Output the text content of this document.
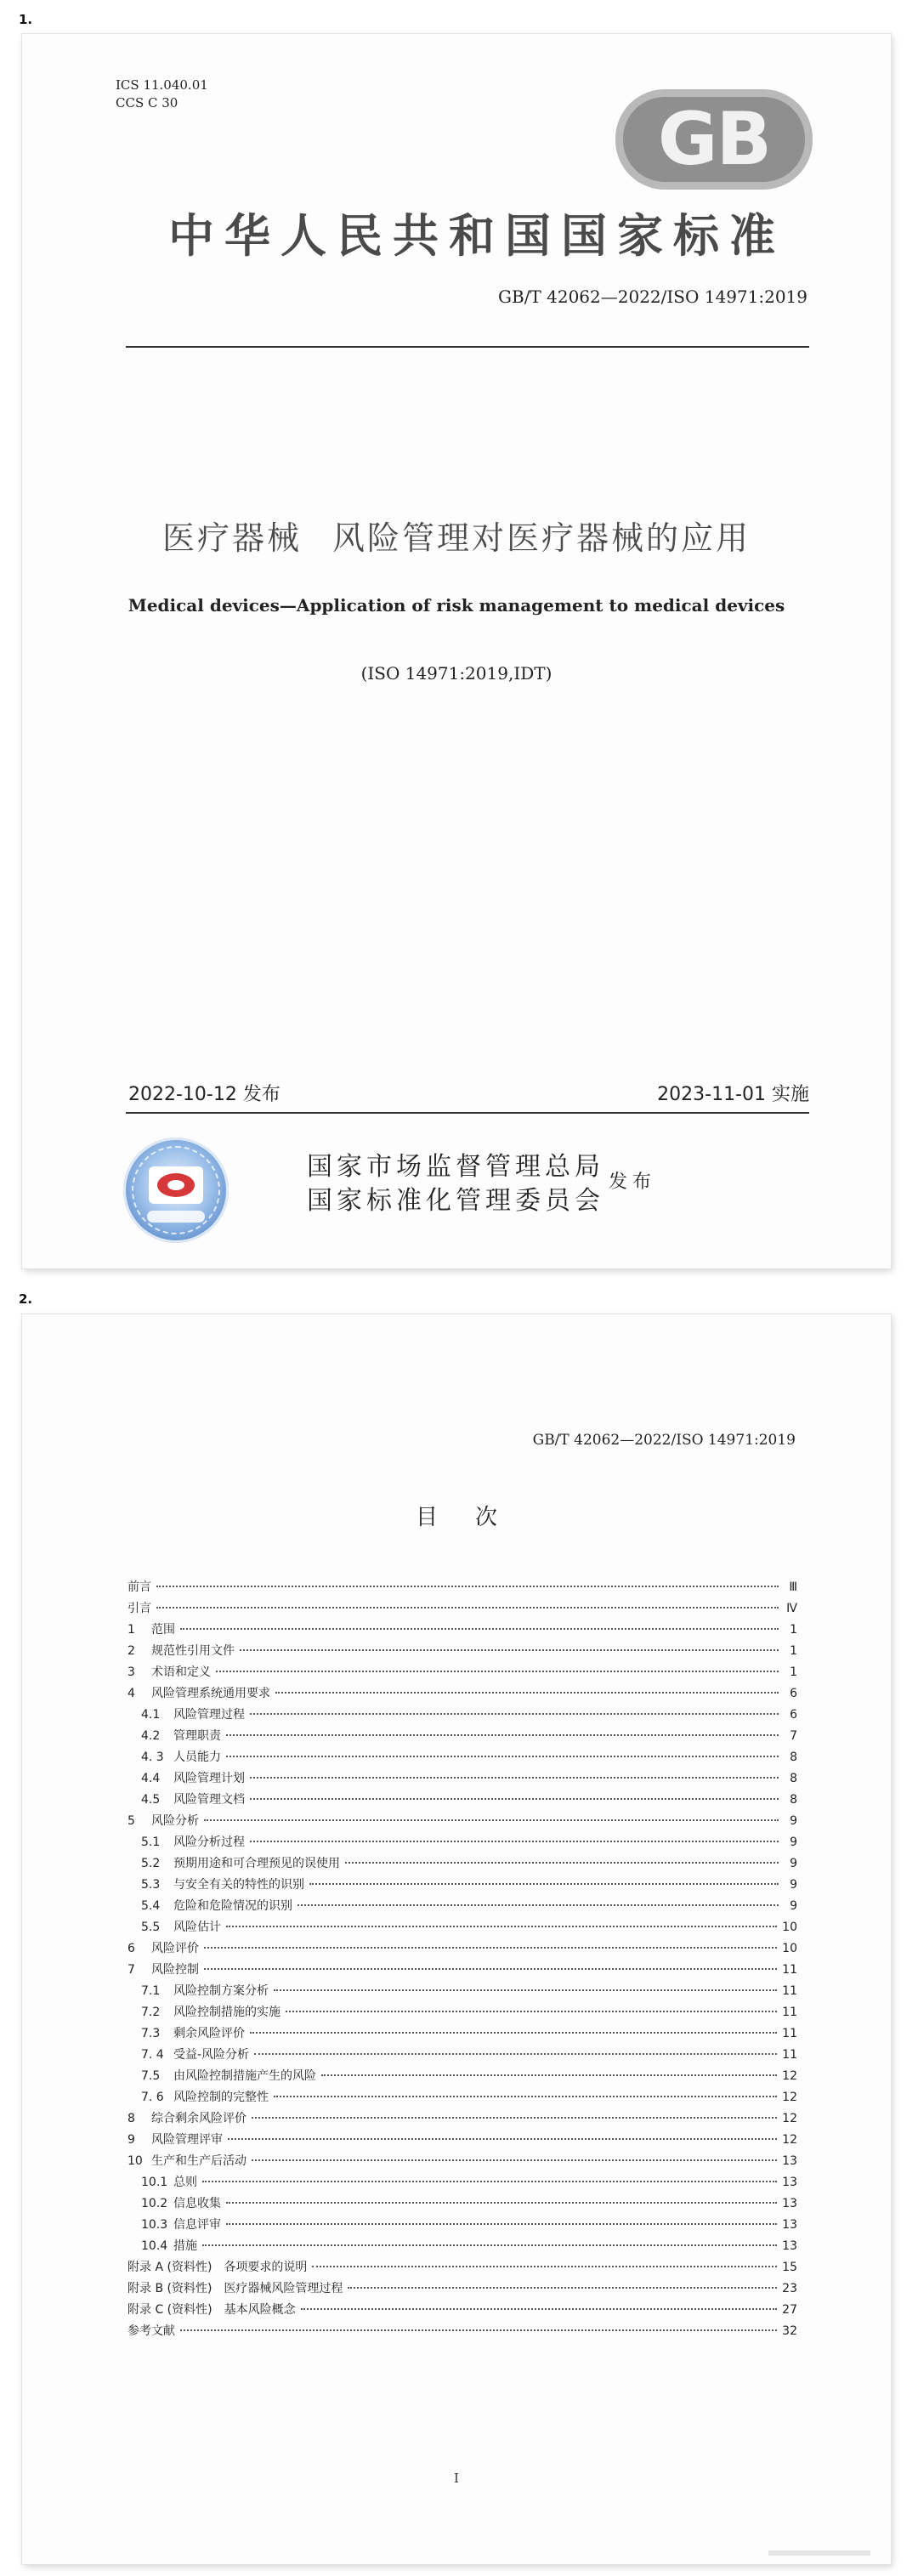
1.
ICS 11.040.01
CCS C 30	GB
中华人民共和国国家标准
GB/T 42062—2022/ISO 14971:2019
医疗器械 风险管理对医疗器械的应用
Medical devices—Application of risk management to medical devices
(ISO 14971:2019,IDT)
2022-10-12 发布	2023-11-01 实施
国家市场监督管理总局
国家标准化管理委员会
发布
2.
GB/T 42062—2022/ISO 14971:2019
目次
前言	Ⅲ
引言	Ⅳ
1	范围	1
2	规范性引用文件	1
3	术语和定义	1
4	风险管理系统通用要求	6
4.1	风险管理过程	6
4.2	管理职责	7
4. 3 人员能力	8
4.4	风险管理计划	8
4.5	风险管理文档	8
5	风险分析	9
5.1	风险分析过程	9
5.2	预期用途和可合理预见的误使用	9
5.3	与安全有关的特性的识别	9
5.4	危险和危险情况的识别	9
5.5	风险估计	10
6	风险评价	10
7	风险控制	11
7.1	风险控制方案分析	11
7.2	风险控制措施的实施	11
7.3	剩余风险评价	11
7. 4 受益-风险分析	11
7.5	由风险控制措施产生的风险	12
7. 6 风险控制的完整性	12
8	综合剩余风险评价	12
9	风险管理评审	12
10 生产和生产后活动	13
10.1 总则	13
10.2 信息收集	13
10.3 信息评审	13
10.4 措施	13
附录 A (资料性)　各项要求的说明	15
附录 B (资料性)　医疗器械风险管理过程	23
附录 C (资料性)　基本风险概念	27
参考文献	32
I
